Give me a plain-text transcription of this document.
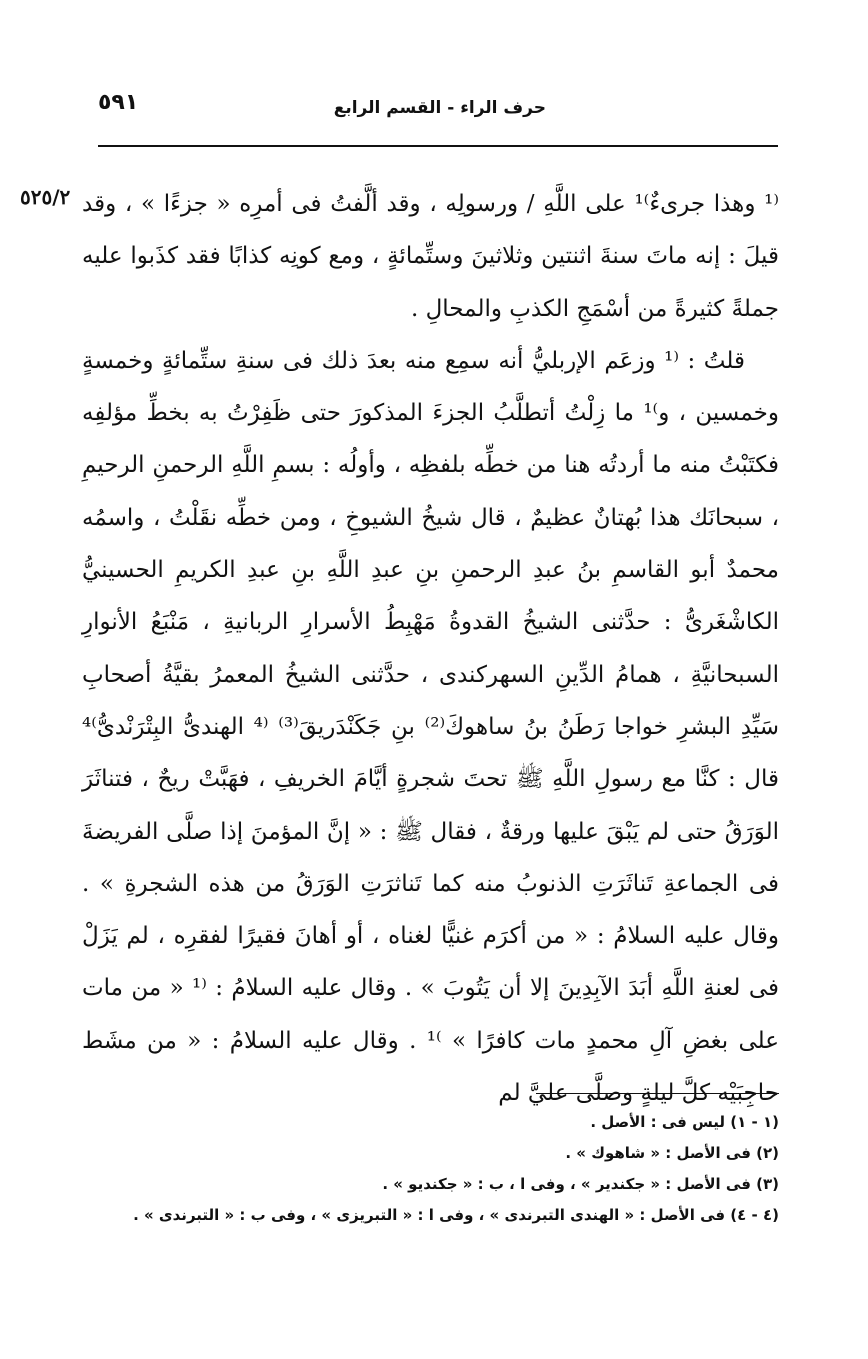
حرف الراء - القسم الرابع
٥٩١
٥٢٥/٢ ⁽¹ وهذا جرىءٌ⁾¹ على اللَّهِ / ورسولِه ، وقد ألَّفتُ فى أمرِه « جزءًا » ، وقد قيلَ : إنه ماتَ سنةَ اثنتين وثلاثينَ وستِّمائةٍ ، ومع كونِه كذابًا فقد كذَبوا عليه جملةً كثيرةً من أسْمَجِ الكذبِ والمحالِ .

قلتُ : ⁽¹ وزعَم الإربليُّ أنه سمِع منه بعدَ ذلك فى سنةِ ستِّمائةٍ وخمسةٍ وخمسين ، و⁾¹ ما زِلْتُ أتطلَّبُ الجزءَ المذكورَ حتى ظَفِرْتُ به بخطِّ مؤلفِه فكتَبْتُ منه ما أردتُه هنا من خطِّه بلفظِه ، وأولُه : بسمِ اللَّهِ الرحمنِ الرحيمِ ، سبحانَك هذا بُهتانٌ عظيمٌ ، قال شيخُ الشيوخِ ، ومن خطِّه نقَلْتُ ، واسمُه محمدٌ أبو القاسمِ بنُ عبدِ الرحمنِ بنِ عبدِ اللَّهِ بنِ عبدِ الكريمِ الحسينيُّ الكاشْغَرىُّ : حدَّثنى الشيخُ القدوةُ مَهْبِطُ الأسرارِ الربانيةِ ، مَنْبَعُ الأنوارِ السبحانيَّةِ ، همامُ الدِّينِ السهركندى ، حدَّثنى الشيخُ المعمرُ بقيَّةُ أصحابِ سَيِّدِ البشرِ خواجا رَطَنُ بنُ ساهوكَ⁽²⁾ بنِ جَكَنْدَريقَ⁽³⁾ ⁽⁴ الهندىُّ البِتْرَنْدىُّ⁾⁴ قال : كنَّا مع رسولِ اللَّهِ ﷺ تحتَ شجرةٍ أيَّامَ الخريفِ ، فهَبَّتْ ريحٌ ، فتناثَرَ الوَرَقُ حتى لم يَبْقَ عليها ورقةٌ ، فقال ﷺ : « إنَّ المؤمنَ إذا صلَّى الفريضةَ فى الجماعةِ تَناثَرَتِ الذنوبُ منه كما تَناثرَتِ الوَرَقُ من هذه الشجرةِ » . وقال عليه السلامُ : « من أكرَم غنيًّا لغناه ، أو أهانَ فقيرًا لفقرِه ، لم يَزَلْ فى لعنةِ اللَّهِ أبَدَ الآبِدِينَ إلا أن يَتُوبَ » . وقال عليه السلامُ : ⁽¹ « من مات على بغضِ آلِ محمدٍ مات كافرًا » ⁾¹ . وقال عليه السلامُ : « من مشَط حاجِبَيْه كلَّ ليلةٍ وصلَّى عليَّ لم

(١ - ١) ليس فى : الأصل .
(٢) فى الأصل : « شاهوك » .
(٣) فى الأصل : « جكندير » ، وفى ا ، ب : « جكنديو » .
(٤ - ٤) فى الأصل : « الهندى التبرندى » ، وفى ا : « التبريزى » ، وفى ب : « التبرندى » .
